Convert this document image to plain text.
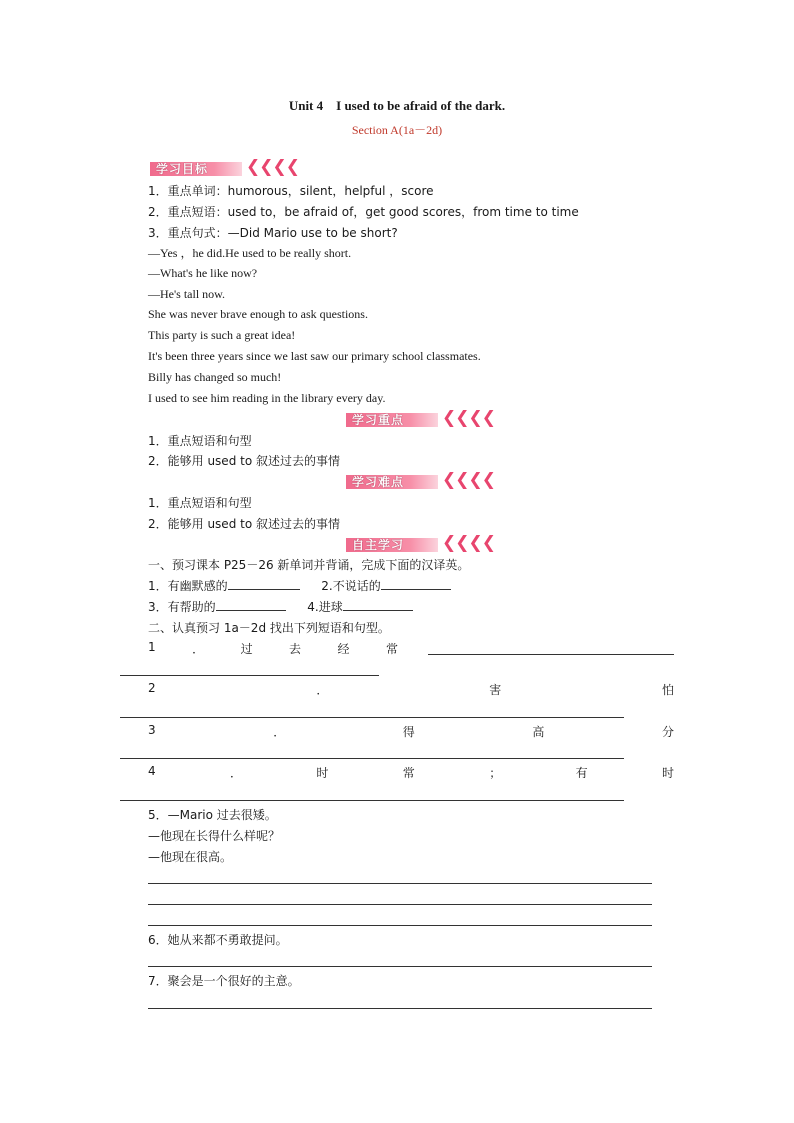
Unit 4    I used to be afraid of the dark.
Section A(1a－2d)
学习目标 ❮❮❮❮
1．重点单词：humorous，silent，helpful ，score
2．重点短语：used to，be afraid of，get good scores，from time to time
3．重点句式：—Did Mario use to be short?
—Yes ，he did.He used to be really short.
—What's he like now?
—He's tall now.
She was never brave enough to ask questions.
This party is such a great idea!
It's been three years since we last saw our primary school classmates.
Billy has changed so much!
I used to see him reading in the library every day.
学习重点 ❮❮❮❮
1．重点短语和句型
2．能够用 used to 叙述过去的事情
学习难点 ❮❮❮❮
1．重点短语和句型
2．能够用 used to 叙述过去的事情
自主学习 ❮❮❮❮
一、预习课本 P25－26 新单词并背诵，完成下面的汉译英。
1．有幽默感的	2.不说话的
3．有帮助的	4.进球
二、认真预习 1a－2d 找出下列短语和句型。
1	．	过	去	经	常
2	．	害	怕
3	．	得	高	分
4	．	时	常	；	有	时
5．—Mario 过去很矮。
—他现在长得什么样呢？
—他现在很高。
6．她从来都不勇敢提问。
7．聚会是一个很好的主意。
